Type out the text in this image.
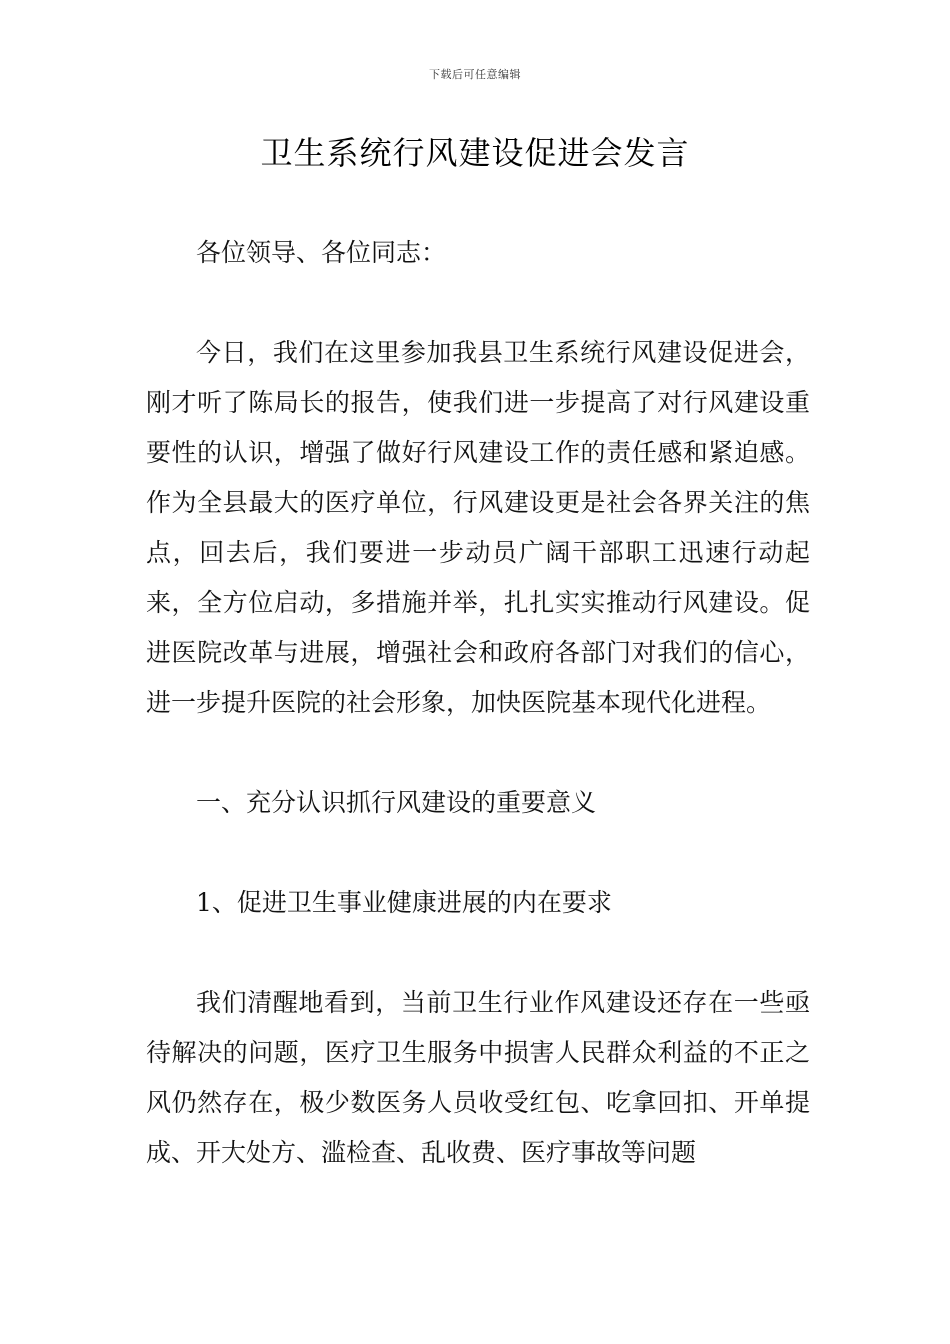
下载后可任意编辑
卫生系统行风建设促进会发言

各位领导、各位同志：

今日，我们在这里参加我县卫生系统行风建设促进会，刚才听了陈局长的报告，使我们进一步提高了对行风建设重要性的认识，增强了做好行风建设工作的责任感和紧迫感。作为全县最大的医疗单位，行风建设更是社会各界关注的焦点，回去后，我们要进一步动员广阔干部职工迅速行动起来，全方位启动，多措施并举，扎扎实实推动行风建设。促进医院改革与进展，增强社会和政府各部门对我们的信心，进一步提升医院的社会形象，加快医院基本现代化进程。

一、充分认识抓行风建设的重要意义

1、促进卫生事业健康进展的内在要求

我们清醒地看到，当前卫生行业作风建设还存在一些亟待解决的问题，医疗卫生服务中损害人民群众利益的不正之风仍然存在，极少数医务人员收受红包、吃拿回扣、开单提成、开大处方、滥检查、乱收费、医疗事故等问题
